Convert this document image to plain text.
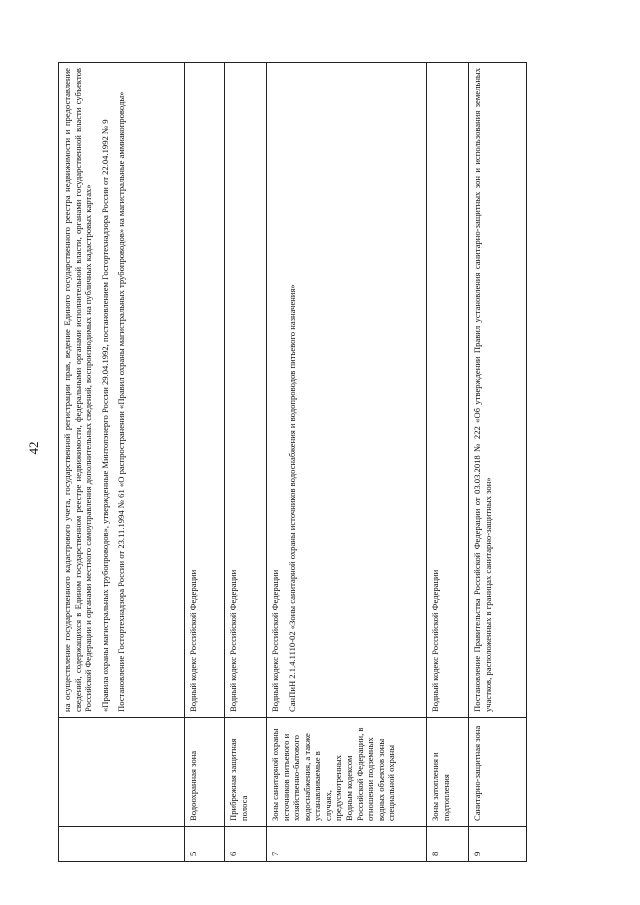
42

		на осуществление государственного кадастрового учета, государственной регистрации прав, ведение Единого государственного реестра недвижимости и предоставление сведений, содержащихся в Едином государственном реестре недвижимости, федеральными органами исполнительной власти, органами государственной власти субъектов Российской Федерации и органами местного самоуправления дополнительных сведений, воспроизводимых на публичных кадастровых картах» «Правила охраны магистральных трубопроводов», утвержденные Минтопэнерго России 29.04.1992, постановлением Госгортехнадзора России от 22.04.1992 № 9 Постановление Госгортехнадзора России от 23.11.1994 № 61 «О распространении «Правил охраны магистральных трубопроводов» на магистральные аммиакопроводы»

5	Водоохранная зона	Водный кодекс Российской Федерации

6	Прибрежная защитная полоса	Водный кодекс Российской Федерации

7	Зоны санитарной охраны источников питьевого и хозяйственно-бытового водоснабжения, а также устанавливаемые в случаях, предусмотренных Водным кодексом Российской Федерации, в отношении подземных водных объектов зоны специальной охраны	Водный кодекс Российской Федерации СанПиН 2.1.4.1110-02 «Зоны санитарной охраны источников водоснабжения и водопроводов питьевого назначения»

8	Зоны затопления и подтопления	Водный кодекс Российской Федерации

9	Санитарно-защитная зона	Постановление Правительства Российской Федерации от 03.03.2018 № 222 «Об утверждении Правил установления санитарно-защитных зон и использования земельных участков, расположенных в границах санитарно-защитных зон»
